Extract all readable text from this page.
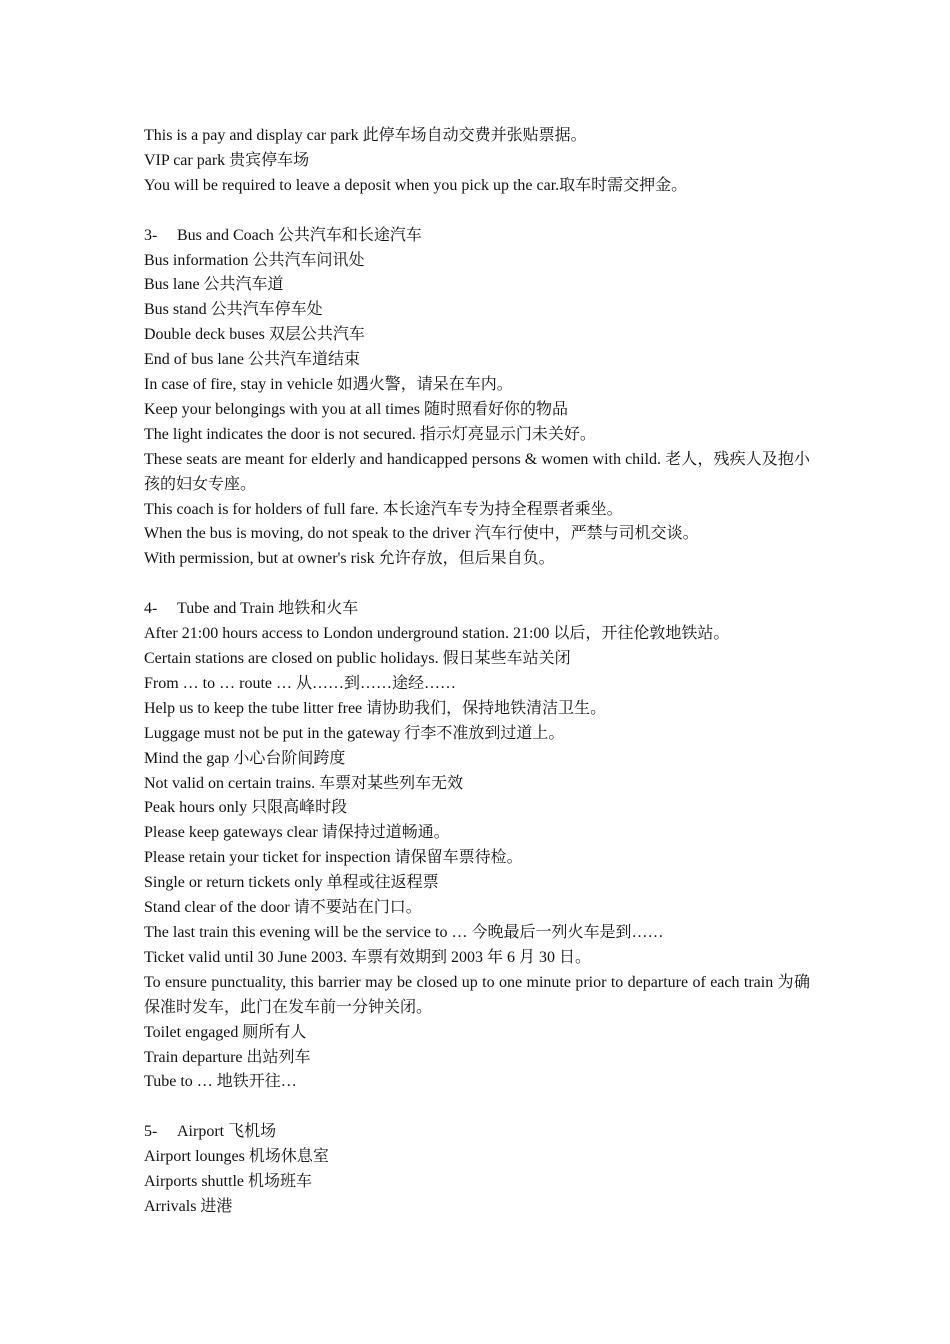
This is a pay and display car park 此停车场自动交费并张贴票据。
VIP car park 贵宾停车场
You will be required to leave a deposit when you pick up the car.取车时需交押金。
3- Bus and Coach 公共汽车和长途汽车
Bus information 公共汽车问讯处
Bus lane 公共汽车道
Bus stand 公共汽车停车处
Double deck buses 双层公共汽车
End of bus lane 公共汽车道结束
In case of fire, stay in vehicle 如遇火警，请呆在车内。
Keep your belongings with you at all times 随时照看好你的物品
The light indicates the door is not secured. 指示灯亮显示门未关好。
These seats are meant for elderly and handicapped persons & women with child. 老人，残疾人及抱小孩的妇女专座。
This coach is for holders of full fare. 本长途汽车专为持全程票者乘坐。
When the bus is moving, do not speak to the driver 汽车行使中，严禁与司机交谈。
With permission, but at owner's risk 允许存放，但后果自负。
4- Tube and Train 地铁和火车
After 21:00 hours access to London underground station. 21:00 以后，开往伦敦地铁站。
Certain stations are closed on public holidays. 假日某些车站关闭
From … to … route … 从……到……途经……
Help us to keep the tube litter free 请协助我们，保持地铁清洁卫生。
Luggage must not be put in the gateway 行李不准放到过道上。
Mind the gap 小心台阶间跨度
Not valid on certain trains. 车票对某些列车无效
Peak hours only 只限高峰时段
Please keep gateways clear 请保持过道畅通。
Please retain your ticket for inspection 请保留车票待检。
Single or return tickets only 单程或往返程票
Stand clear of the door 请不要站在门口。
The last train this evening will be the service to … 今晚最后一列火车是到……
Ticket valid until 30 June 2003. 车票有效期到 2003 年 6 月 30 日。
To ensure punctuality, this barrier may be closed up to one minute prior to departure of each train 为确保准时发车，此门在发车前一分钟关闭。
Toilet engaged 厕所有人
Train departure 出站列车
Tube to … 地铁开往…
5- Airport 飞机场
Airport lounges 机场休息室
Airports shuttle 机场班车
Arrivals 进港
